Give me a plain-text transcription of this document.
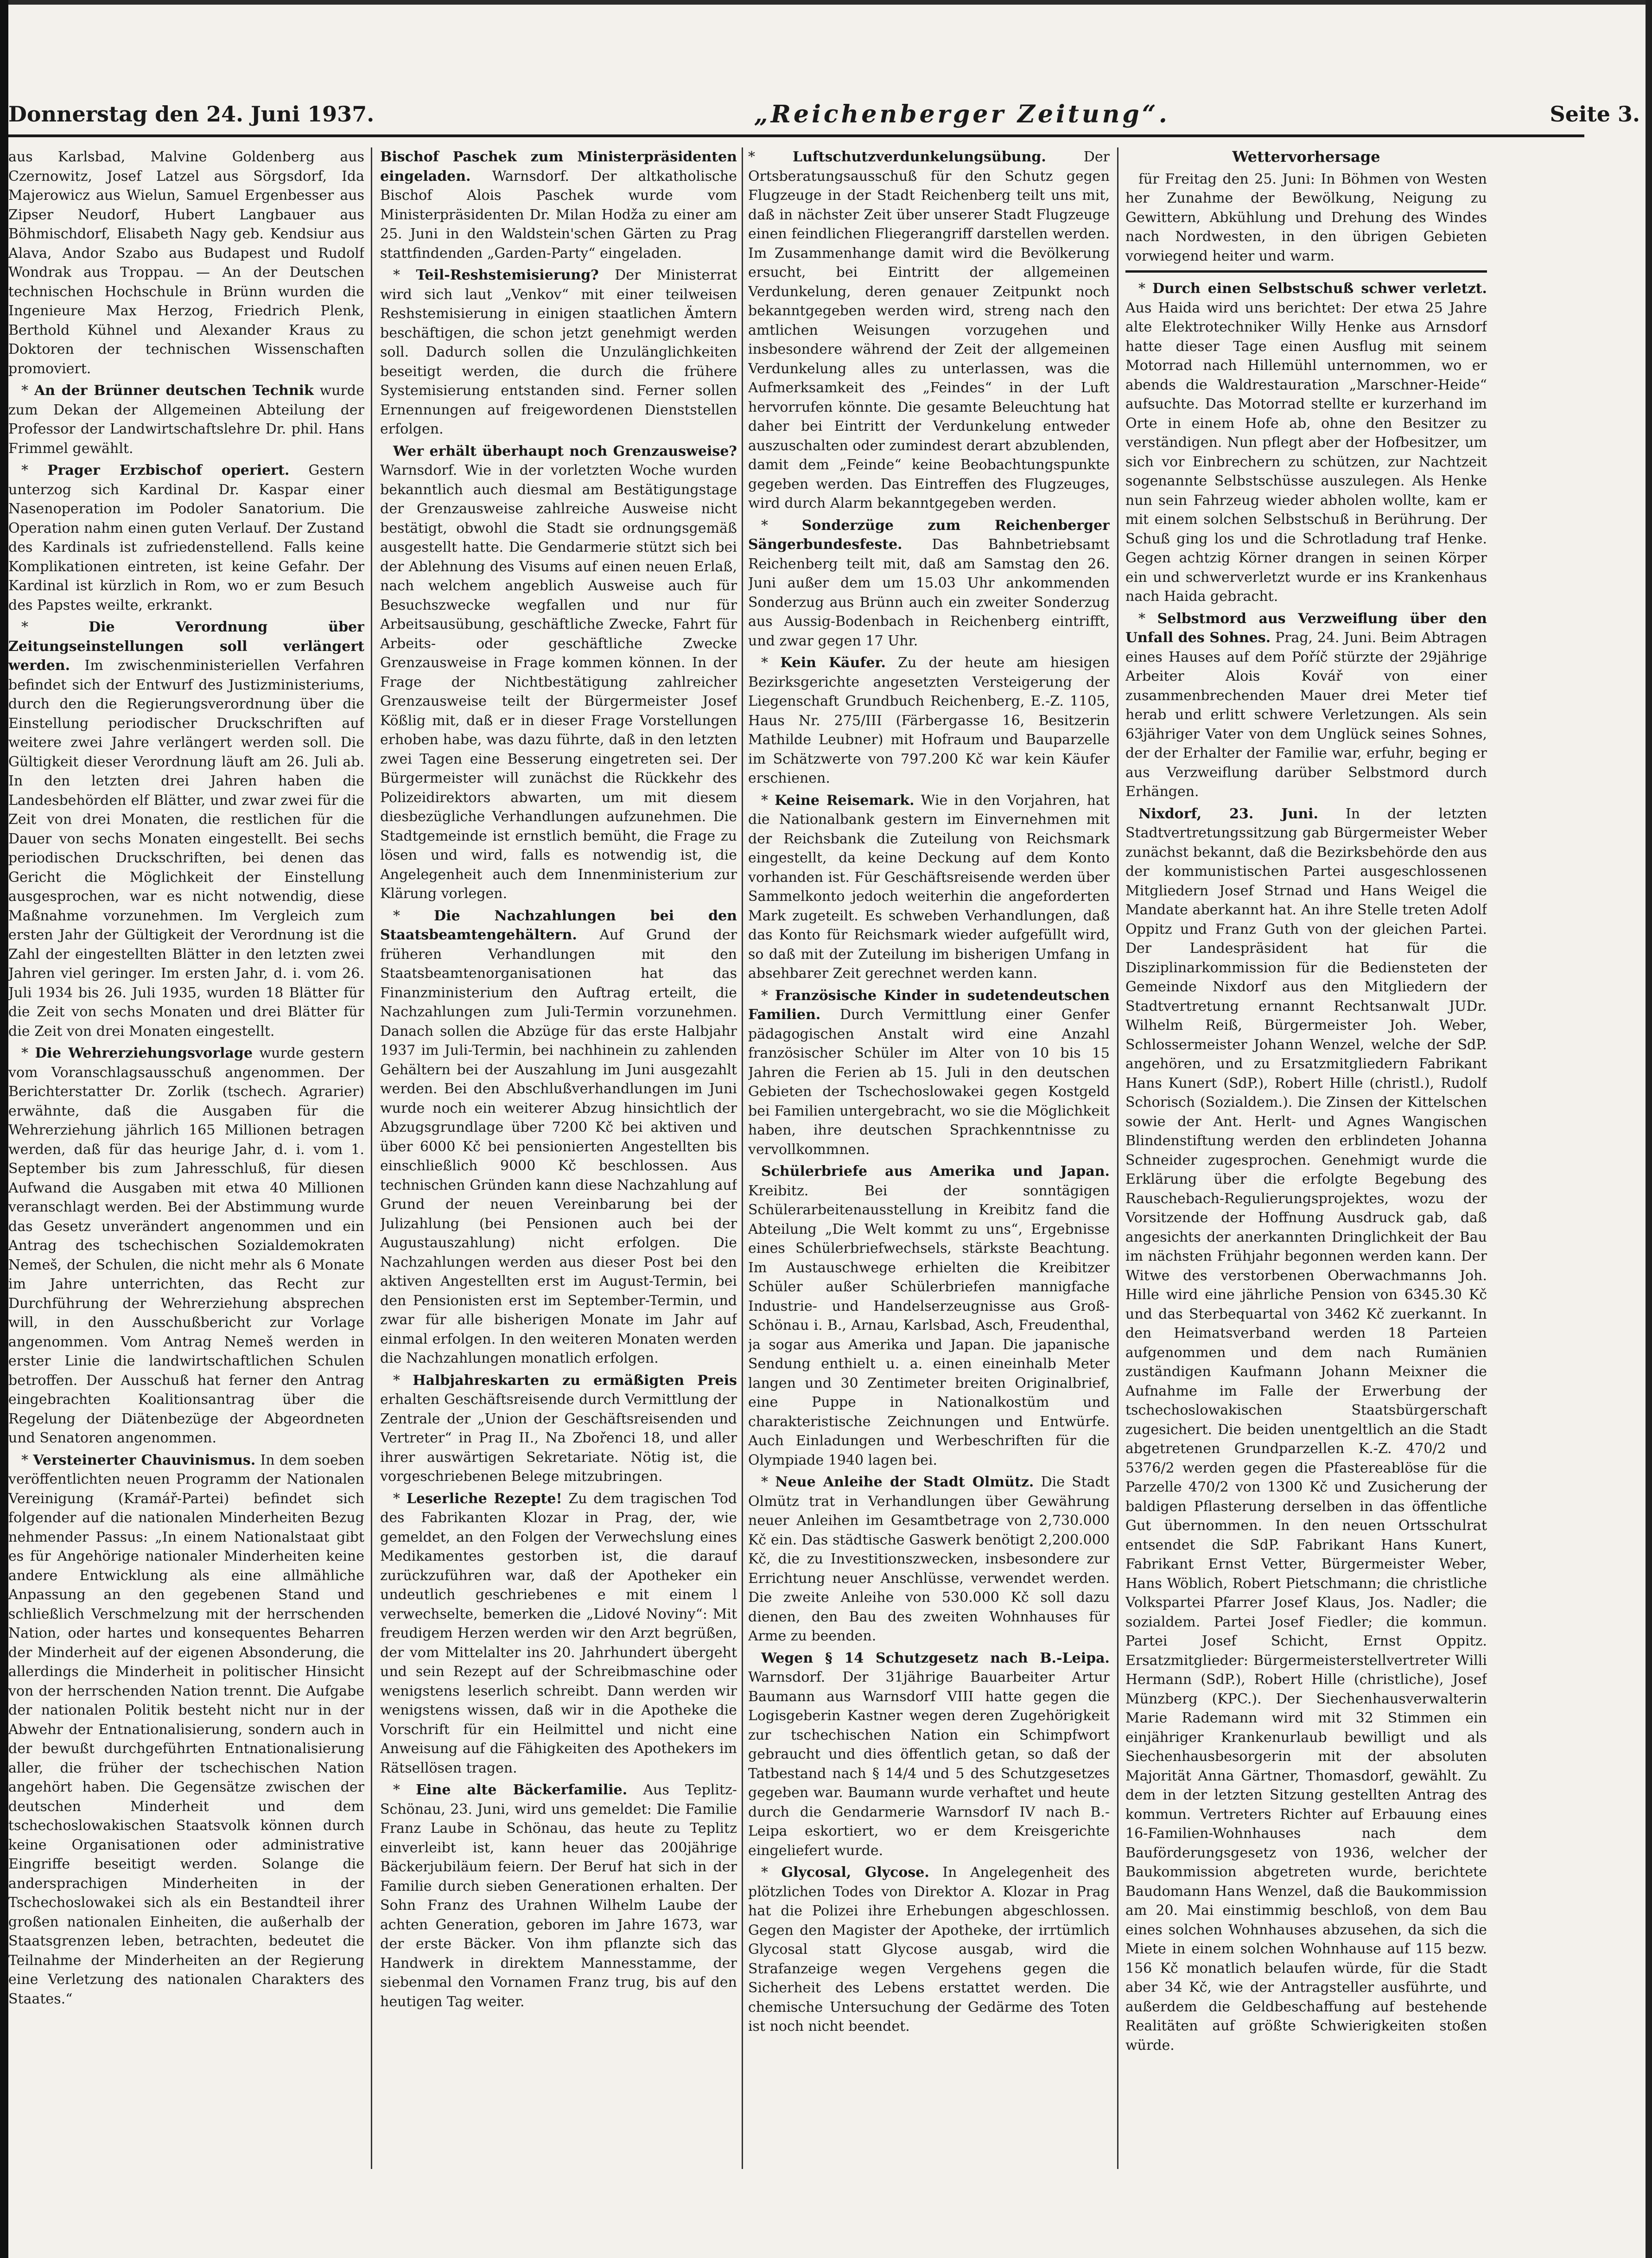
Donnerstag den 24. Juni 1937.	„Reichenberger Zeitung“.	Seite 3.

aus Karlsbad, Malvine Goldenberg aus Czernowitz, Josef Latzel aus Sörgsdorf, Ida Majerowicz aus Wielun, Samuel Ergenbesser aus Zipser Neudorf, Hubert Langbauer aus Böhmischdorf, Elisabeth Nagy geb. Kendsiur aus Alava, Andor Szabo aus Budapest und Rudolf Wondrak aus Troppau. — An der Deutschen technischen Hochschule in Brünn wurden die Ingenieure Max Herzog, Friedrich Plenk, Berthold Kühnel und Alexander Kraus zu Doktoren der technischen Wissenschaften promoviert.

* An der Brünner deutschen Technik wurde zum Dekan der Allgemeinen Abteilung der Professor der Landwirtschaftslehre Dr. phil. Hans Frimmel gewählt.

* Prager Erzbischof operiert. Gestern unterzog sich Kardinal Dr. Kaspar einer Nasenoperation im Podoler Sanatorium. Die Operation nahm einen guten Verlauf. Der Zustand des Kardinals ist zufriedenstellend. Falls keine Komplikationen eintreten, ist keine Gefahr. Der Kardinal ist kürzlich in Rom, wo er zum Besuch des Papstes weilte, erkrankt.

* Die Verordnung über Zeitungseinstellungen soll verlängert werden. Im zwischenministeriellen Verfahren befindet sich der Entwurf des Justizministeriums, durch den die Regierungsverordnung über die Einstellung periodischer Druckschriften auf weitere zwei Jahre verlängert werden soll. Die Gültigkeit dieser Verordnung läuft am 26. Juli ab. In den letzten drei Jahren haben die Landesbehörden elf Blätter, und zwar zwei für die Zeit von drei Monaten, die restlichen für die Dauer von sechs Monaten eingestellt. Bei sechs periodischen Druckschriften, bei denen das Gericht die Möglichkeit der Einstellung ausgesprochen, war es nicht notwendig, diese Maßnahme vorzunehmen. Im Vergleich zum ersten Jahr der Gültigkeit der Verordnung ist die Zahl der eingestellten Blätter in den letzten zwei Jahren viel geringer. Im ersten Jahr, d. i. vom 26. Juli 1934 bis 26. Juli 1935, wurden 18 Blätter für die Zeit von sechs Monaten und drei Blätter für die Zeit von drei Monaten eingestellt.

* Die Wehrerziehungsvorlage wurde gestern vom Voranschlagsausschuß angenommen. Der Berichterstatter Dr. Zorlik (tschech. Agrarier) erwähnte, daß die Ausgaben für die Wehrerziehung jährlich 165 Millionen betragen werden, daß für das heurige Jahr, d. i. vom 1. September bis zum Jahresschluß, für diesen Aufwand die Ausgaben mit etwa 40 Millionen veranschlagt werden. Bei der Abstimmung wurde das Gesetz unverändert angenommen und ein Antrag des tschechischen Sozialdemokraten Nemeš, der Schulen, die nicht mehr als 6 Monate im Jahre unterrichten, das Recht zur Durchführung der Wehrerziehung absprechen will, in den Ausschußbericht zur Vorlage angenommen. Vom Antrag Nemeš werden in erster Linie die landwirtschaftlichen Schulen betroffen. Der Ausschuß hat ferner den Antrag eingebrachten Koalitionsantrag über die Regelung der Diätenbezüge der Abgeordneten und Senatoren angenommen.

* Versteinerter Chauvinismus. In dem soeben veröffentlichten neuen Programm der Nationalen Vereinigung (Kramář-Partei) befindet sich folgender auf die nationalen Minderheiten Bezug nehmender Passus: „In einem Nationalstaat gibt es für Angehörige nationaler Minderheiten keine andere Entwicklung als eine allmähliche Anpassung an den gegebenen Stand und schließlich Verschmelzung mit der herrschenden Nation, oder hartes und konsequentes Beharren der Minderheit auf der eigenen Absonderung, die allerdings die Minderheit in politischer Hinsicht von der herrschenden Nation trennt. Die Aufgabe der nationalen Politik besteht nicht nur in der Abwehr der Entnationalisierung, sondern auch in der bewußt durchgeführten Entnationalisierung aller, die früher der tschechischen Nation angehört haben. Die Gegensätze zwischen der deutschen Minderheit und dem tschechoslowakischen Staatsvolk können durch keine Organisationen oder administrative Eingriffe beseitigt werden. Solange die andersprachigen Minderheiten in der Tschechoslowakei sich als ein Bestandteil ihrer großen nationalen Einheiten, die außerhalb der Staatsgrenzen leben, betrachten, bedeutet die Teilnahme der Minderheiten an der Regierung eine Verletzung des nationalen Charakters des Staates.“

Bischof Paschek zum Ministerpräsidenten eingeladen. Warnsdorf. Der altkatholische Bischof Alois Paschek wurde vom Ministerpräsidenten Dr. Milan Hodža zu einer am 25. Juni in den Waldstein'schen Gärten zu Prag stattfindenden „Garden-Party“ eingeladen.

* Teil-Reshstemisierung? Der Ministerrat wird sich laut „Venkov“ mit einer teilweisen Reshstemisierung in einigen staatlichen Ämtern beschäftigen, die schon jetzt genehmigt werden soll. Dadurch sollen die Unzulänglichkeiten beseitigt werden, die durch die frühere Systemisierung entstanden sind. Ferner sollen Ernennungen auf freigewordenen Dienststellen erfolgen.

Wer erhält überhaupt noch Grenzausweise? Warnsdorf. Wie in der vorletzten Woche wurden bekanntlich auch diesmal am Bestätigungstage der Grenzausweise zahlreiche Ausweise nicht bestätigt, obwohl die Stadt sie ordnungsgemäß ausgestellt hatte. Die Gendarmerie stützt sich bei der Ablehnung des Visums auf einen neuen Erlaß, nach welchem angeblich Ausweise auch für Besuchszwecke wegfallen und nur für Arbeitsausübung, geschäftliche Zwecke, Fahrt für Arbeits- oder geschäftliche Zwecke Grenzausweise in Frage kommen können. In der Frage der Nichtbestätigung zahlreicher Grenzausweise teilt der Bürgermeister Josef Kößlig mit, daß er in dieser Frage Vorstellungen erhoben habe, was dazu führte, daß in den letzten zwei Tagen eine Besserung eingetreten sei. Der Bürgermeister will zunächst die Rückkehr des Polizeidirektors abwarten, um mit diesem diesbezügliche Verhandlungen aufzunehmen. Die Stadtgemeinde ist ernstlich bemüht, die Frage zu lösen und wird, falls es notwendig ist, die Angelegenheit auch dem Innenministerium zur Klärung vorlegen.

* Die Nachzahlungen bei den Staatsbeamtengehältern. Auf Grund der früheren Verhandlungen mit den Staatsbeamtenorganisationen hat das Finanzministerium den Auftrag erteilt, die Nachzahlungen zum Juli-Termin vorzunehmen. Danach sollen die Abzüge für das erste Halbjahr 1937 im Juli-Termin, bei nachhinein zu zahlenden Gehältern bei der Auszahlung im Juni ausgezahlt werden. Bei den Abschlußverhandlungen im Juni wurde noch ein weiterer Abzug hinsichtlich der Abzugsgrundlage über 7200 Kč bei aktiven und über 6000 Kč bei pensionierten Angestellten bis einschließlich 9000 Kč beschlossen. Aus technischen Gründen kann diese Nachzahlung auf Grund der neuen Vereinbarung bei der Julizahlung (bei Pensionen auch bei der Augustauszahlung) nicht erfolgen. Die Nachzahlungen werden aus dieser Post bei den aktiven Angestellten erst im August-Termin, bei den Pensionisten erst im September-Termin, und zwar für alle bisherigen Monate im Jahr auf einmal erfolgen. In den weiteren Monaten werden die Nachzahlungen monatlich erfolgen.

* Halbjahreskarten zu ermäßigten Preis erhalten Geschäftsreisende durch Vermittlung der Zentrale der „Union der Geschäftsreisenden und Vertreter“ in Prag II., Na Zbořenci 18, und aller ihrer auswärtigen Sekretariate. Nötig ist, die vorgeschriebenen Belege mitzubringen.

* Leserliche Rezepte! Zu dem tragischen Tod des Fabrikanten Klozar in Prag, der, wie gemeldet, an den Folgen der Verwechslung eines Medikamentes gestorben ist, die darauf zurückzuführen war, daß der Apotheker ein undeutlich geschriebenes e mit einem l verwechselte, bemerken die „Lidové Noviny“: Mit freudigem Herzen werden wir den Arzt begrüßen, der vom Mittelalter ins 20. Jahrhundert übergeht und sein Rezept auf der Schreibmaschine oder wenigstens leserlich schreibt. Dann werden wir wenigstens wissen, daß wir in die Apotheke die Vorschrift für ein Heilmittel und nicht eine Anweisung auf die Fähigkeiten des Apothekers im Rätsellösen tragen.

* Eine alte Bäckerfamilie. Aus Teplitz-Schönau, 23. Juni, wird uns gemeldet: Die Familie Franz Laube in Schönau, das heute zu Teplitz einverleibt ist, kann heuer das 200jährige Bäckerjubiläum feiern. Der Beruf hat sich in der Familie durch sieben Generationen erhalten. Der Sohn Franz des Urahnen Wilhelm Laube der achten Generation, geboren im Jahre 1673, war der erste Bäcker. Von ihm pflanzte sich das Handwerk in direktem Mannesstamme, der siebenmal den Vornamen Franz trug, bis auf den heutigen Tag weiter.

* Luftschutzverdunkelungsübung.	Der Ortsberatungsausschuß für den Schutz gegen Flugzeuge in der Stadt Reichenberg teilt uns mit, daß in nächster Zeit über unserer Stadt Flugzeuge einen feindlichen Fliegerangriff darstellen werden. Im Zusammenhange damit wird die Bevölkerung ersucht, bei Eintritt der allgemeinen Verdunkelung, deren genauer Zeitpunkt noch bekanntgegeben werden wird, streng nach den amtlichen Weisungen vorzugehen und insbesondere während der Zeit der allgemeinen Verdunkelung alles zu unterlassen, was die Aufmerksamkeit des „Feindes“ in der Luft hervorrufen könnte. Die gesamte Beleuchtung hat daher bei Eintritt der Verdunkelung entweder auszuschalten oder zumindest derart abzublenden, damit dem „Feinde“ keine Beobachtungspunkte gegeben werden. Das Eintreffen des Flugzeuges, wird durch Alarm bekanntgegeben werden.

* Sonderzüge zum Reichenberger Sängerbundesfeste. Das Bahnbetriebsamt Reichenberg teilt mit, daß am Samstag den 26. Juni außer dem um 15.03 Uhr ankommenden Sonderzug aus Brünn auch ein zweiter Sonderzug aus Aussig-Bodenbach in Reichenberg eintrifft, und zwar gegen 17 Uhr.

* Kein Käufer. Zu der heute am hiesigen Bezirksgerichte angesetzten Versteigerung der Liegenschaft Grundbuch Reichenberg, E.-Z. 1105, Haus Nr. 275/III (Färbergasse 16, Besitzerin Mathilde Leubner) mit Hofraum und Bauparzelle im Schätzwerte von 797.200 Kč war kein Käufer erschienen.

* Keine Reisemark. Wie in den Vorjahren, hat die Nationalbank gestern im Einvernehmen mit der Reichsbank die Zuteilung von Reichsmark eingestellt, da keine Deckung auf dem Konto vorhanden ist. Für Geschäftsreisende werden über Sammelkonto jedoch weiterhin die angeforderten Mark zugeteilt. Es schweben Verhandlungen, daß das Konto für Reichsmark wieder aufgefüllt wird, so daß mit der Zuteilung im bisherigen Umfang in absehbarer Zeit gerechnet werden kann.

* Französische Kinder in sudetendeutschen Familien. Durch Vermittlung einer Genfer pädagogischen Anstalt wird eine Anzahl französischer Schüler im Alter von 10 bis 15 Jahren die Ferien ab 15. Juli in den deutschen Gebieten der Tschechoslowakei gegen Kostgeld bei Familien untergebracht, wo sie die Möglichkeit haben, ihre deutschen Sprachkenntnisse zu vervollkommnen.

Schülerbriefe aus Amerika und Japan. Kreibitz. Bei der sonntägigen Schülerarbeitenausstellung in Kreibitz fand die Abteilung „Die Welt kommt zu uns“, Ergebnisse eines Schülerbriefwechsels, stärkste Beachtung. Im Austauschwege erhielten die Kreibitzer Schüler außer Schülerbriefen mannigfache Industrie- und Handelserzeugnisse aus Groß-Schönau i. B., Arnau, Karlsbad, Asch, Freudenthal, ja sogar aus Amerika und Japan. Die japanische Sendung enthielt u. a. einen eineinhalb Meter langen und 30 Zentimeter breiten Originalbrief, eine Puppe in Nationalkostüm und charakteristische Zeichnungen und Entwürfe. Auch Einladungen und Werbeschriften für die Olympiade 1940 lagen bei.

* Neue Anleihe der Stadt Olmütz. Die Stadt Olmütz trat in Verhandlungen über Gewährung neuer Anleihen im Gesamtbetrage von 2,730.000 Kč ein. Das städtische Gaswerk benötigt 2,200.000 Kč, die zu Investitionszwecken, insbesondere zur Errichtung neuer Anschlüsse, verwendet werden. Die zweite Anleihe von 530.000 Kč soll dazu dienen, den Bau des zweiten Wohnhauses für Arme zu beenden.

Wegen § 14 Schutzgesetz nach B.-Leipa. Warnsdorf. Der 31jährige Bauarbeiter Artur Baumann aus Warnsdorf VIII hatte gegen die Logisgeberin Kastner wegen deren Zugehörigkeit zur tschechischen Nation ein Schimpfwort gebraucht und dies öffentlich getan, so daß der Tatbestand nach § 14/4 und 5 des Schutzgesetzes gegeben war. Baumann wurde verhaftet und heute durch die Gendarmerie Warnsdorf IV nach B.-Leipa eskortiert, wo er dem Kreisgerichte eingeliefert wurde.

* Glycosal, Glycose. In Angelegenheit des plötzlichen Todes von Direktor A. Klozar in Prag hat die Polizei ihre Erhebungen abgeschlossen. Gegen den Magister der Apotheke, der irrtümlich Glycosal statt Glycose ausgab, wird die Strafanzeige wegen Vergehens gegen die Sicherheit des Lebens erstattet werden. Die chemische Untersuchung der Gedärme des Toten ist noch nicht beendet.

Wettervorhersage

für Freitag den 25. Juni: In Böhmen von Westen her Zunahme der Bewölkung, Neigung zu Gewittern, Abkühlung und Drehung des Windes nach Nordwesten, in den übrigen Gebieten vorwiegend heiter und warm.

* Durch einen Selbstschuß schwer verletzt. Aus Haida wird uns berichtet: Der etwa 25 Jahre alte Elektrotechniker Willy Henke aus Arnsdorf hatte dieser Tage einen Ausflug mit seinem Motorrad nach Hillemühl unternommen, wo er abends die Waldrestauration „Marschner-Heide“ aufsuchte. Das Motorrad stellte er kurzerhand im Orte in einem Hofe ab, ohne den Besitzer zu verständigen. Nun pflegt aber der Hofbesitzer, um sich vor Einbrechern zu schützen, zur Nachtzeit sogenannte Selbstschüsse auszulegen. Als Henke nun sein Fahrzeug wieder abholen wollte, kam er mit einem solchen Selbstschuß in Berührung. Der Schuß ging los und die Schrotladung traf Henke. Gegen achtzig Körner drangen in seinen Körper ein und schwerverletzt wurde er ins Krankenhaus nach Haida gebracht.

* Selbstmord aus Verzweiflung über den Unfall des Sohnes. Prag, 24. Juni. Beim Abtragen eines Hauses auf dem Poříč stürzte der 29jährige Arbeiter Alois Kovář von einer zusammenbrechenden Mauer drei Meter tief herab und erlitt schwere Verletzungen. Als sein 63jähriger Vater von dem Unglück seines Sohnes, der der Erhalter der Familie war, erfuhr, beging er aus Verzweiflung darüber Selbstmord durch Erhängen.

Nixdorf, 23. Juni. In der letzten Stadtvertretungssitzung gab Bürgermeister Weber zunächst bekannt, daß die Bezirksbehörde den aus der kommunistischen Partei ausgeschlossenen Mitgliedern Josef Strnad und Hans Weigel die Mandate aberkannt hat. An ihre Stelle treten Adolf Oppitz und Franz Guth von der gleichen Partei. Der Landespräsident hat für die Disziplinarkommission für die Bediensteten der Gemeinde Nixdorf aus den Mitgliedern der Stadtvertretung ernannt Rechtsanwalt JUDr. Wilhelm Reiß, Bürgermeister Joh. Weber, Schlossermeister Johann Wenzel, welche der SdP. angehören, und zu Ersatzmitgliedern Fabrikant Hans Kunert (SdP.), Robert Hille (christl.), Rudolf Schorisch (Sozialdem.). Die Zinsen der Kittelschen sowie der Ant. Herlt- und Agnes Wangischen Blindenstiftung werden den erblindeten Johanna Schneider zugesprochen. Genehmigt wurde die Erklärung über die erfolgte Begebung des Rauschebach-Regulierungsprojektes, wozu der Vorsitzende der Hoffnung Ausdruck gab, daß angesichts der anerkannten Dringlichkeit der Bau im nächsten Frühjahr begonnen werden kann. Der Witwe des verstorbenen Oberwachmanns Joh. Hille wird eine jährliche Pension von 6345.30 Kč und das Sterbequartal von 3462 Kč zuerkannt. In den Heimatsverband werden 18 Parteien aufgenommen und dem nach Rumänien zuständigen Kaufmann Johann Meixner die Aufnahme im Falle der Erwerbung der tschechoslowakischen Staatsbürgerschaft zugesichert. Die beiden unentgeltlich an die Stadt abgetretenen Grundparzellen K.-Z. 470/2 und 5376/2 werden gegen die Pfastereablöse für die Parzelle 470/2 von 1300 Kč und Zusicherung der baldigen Pflasterung derselben in das öffentliche Gut übernommen. In den neuen Ortsschulrat entsendet die SdP. Fabrikant Hans Kunert, Fabrikant Ernst Vetter, Bürgermeister Weber, Hans Wöblich, Robert Pietschmann; die christliche Volkspartei Pfarrer Josef Klaus, Jos. Nadler; die sozialdem. Partei Josef Fiedler; die kommun. Partei Josef Schicht, Ernst Oppitz. Ersatzmitglieder: Bürgermeisterstellvertreter Willi Hermann (SdP.), Robert Hille (christliche), Josef Münzberg (KPC.). Der Siechenhausverwalterin Marie Rademann wird mit 32 Stimmen ein einjähriger Krankenurlaub bewilligt und als Siechenhausbesorgerin mit der absoluten Majorität Anna Gärtner, Thomasdorf, gewählt. Zu dem in der letzten Sitzung gestellten Antrag des kommun. Vertreters Richter auf Erbauung eines 16-Familien-Wohnhauses nach dem Bauförderungsgesetz von 1936, welcher der Baukommission abgetreten wurde, berichtete Baudomann Hans Wenzel, daß die Baukommission am 20. Mai einstimmig beschloß, von dem Bau eines solchen Wohnhauses abzusehen, da sich die Miete in einem solchen Wohnhause auf 115 bezw. 156 Kč monatlich belaufen würde, für die Stadt aber 34 Kč, wie der Antragsteller ausführte, und außerdem die Geldbeschaffung auf bestehende Realitäten auf größte Schwierigkeiten stoßen würde.
